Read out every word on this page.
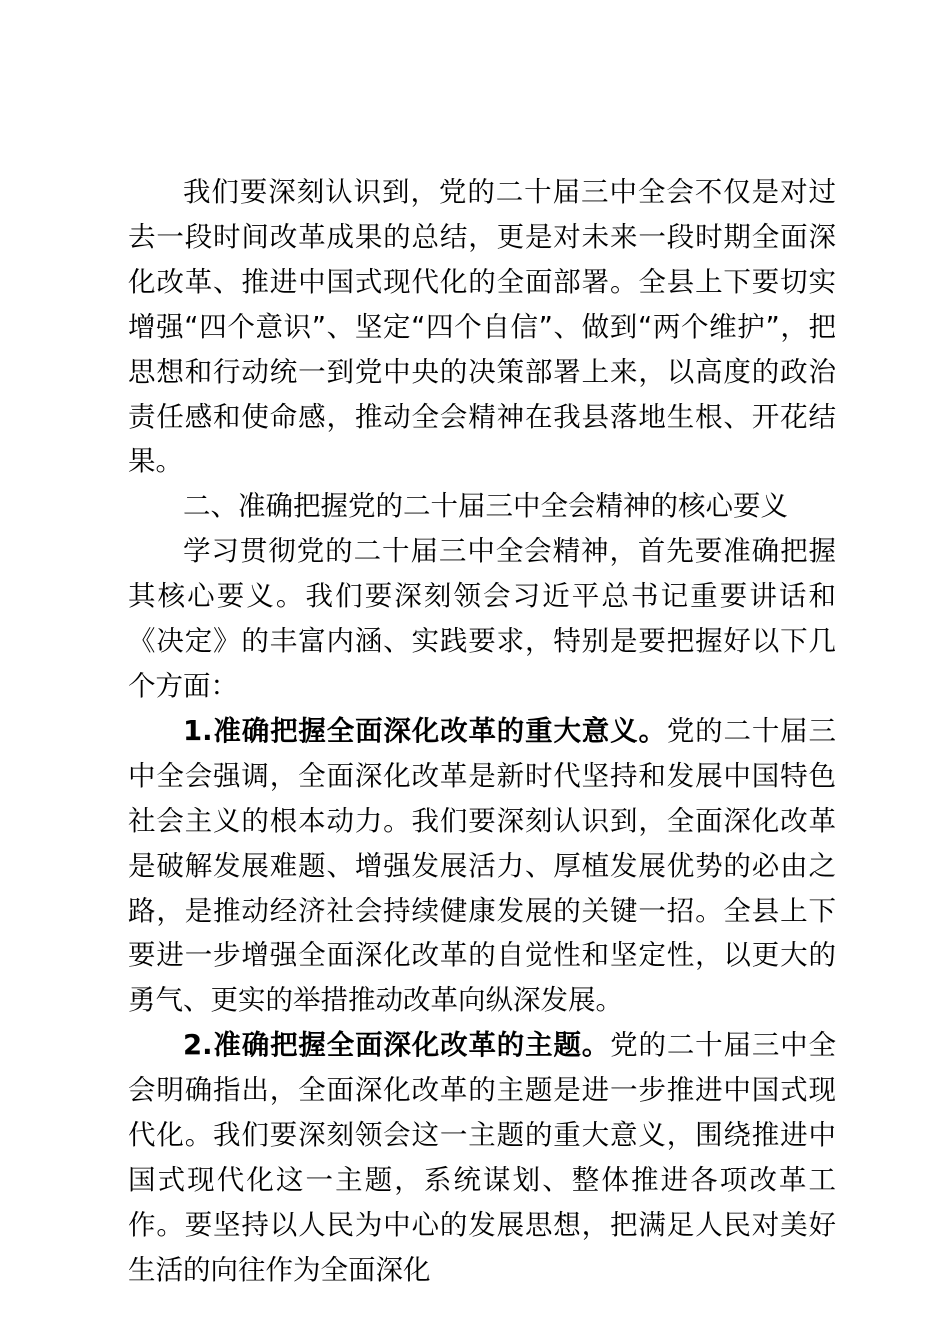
我们要深刻认识到，党的二十届三中全会不仅是对过去一段时间改革成果的总结，更是对未来一段时期全面深化改革、推进中国式现代化的全面部署。全县上下要切实增强“四个意识”、坚定“四个自信”、做到“两个维护”，把思想和行动统一到党中央的决策部署上来，以高度的政治责任感和使命感，推动全会精神在我县落地生根、开花结果。

二、准确把握党的二十届三中全会精神的核心要义

学习贯彻党的二十届三中全会精神，首先要准确把握其核心要义。我们要深刻领会习近平总书记重要讲话和《决定》的丰富内涵、实践要求，特别是要把握好以下几个方面：

1.准确把握全面深化改革的重大意义。党的二十届三中全会强调，全面深化改革是新时代坚持和发展中国特色社会主义的根本动力。我们要深刻认识到，全面深化改革是破解发展难题、增强发展活力、厚植发展优势的必由之路，是推动经济社会持续健康发展的关键一招。全县上下要进一步增强全面深化改革的自觉性和坚定性，以更大的勇气、更实的举措推动改革向纵深发展。

2.准确把握全面深化改革的主题。党的二十届三中全会明确指出，全面深化改革的主题是进一步推进中国式现代化。我们要深刻领会这一主题的重大意义，围绕推进中国式现代化这一主题，系统谋划、整体推进各项改革工作。要坚持以人民为中心的发展思想，把满足人民对美好生活的向往作为全面深化
